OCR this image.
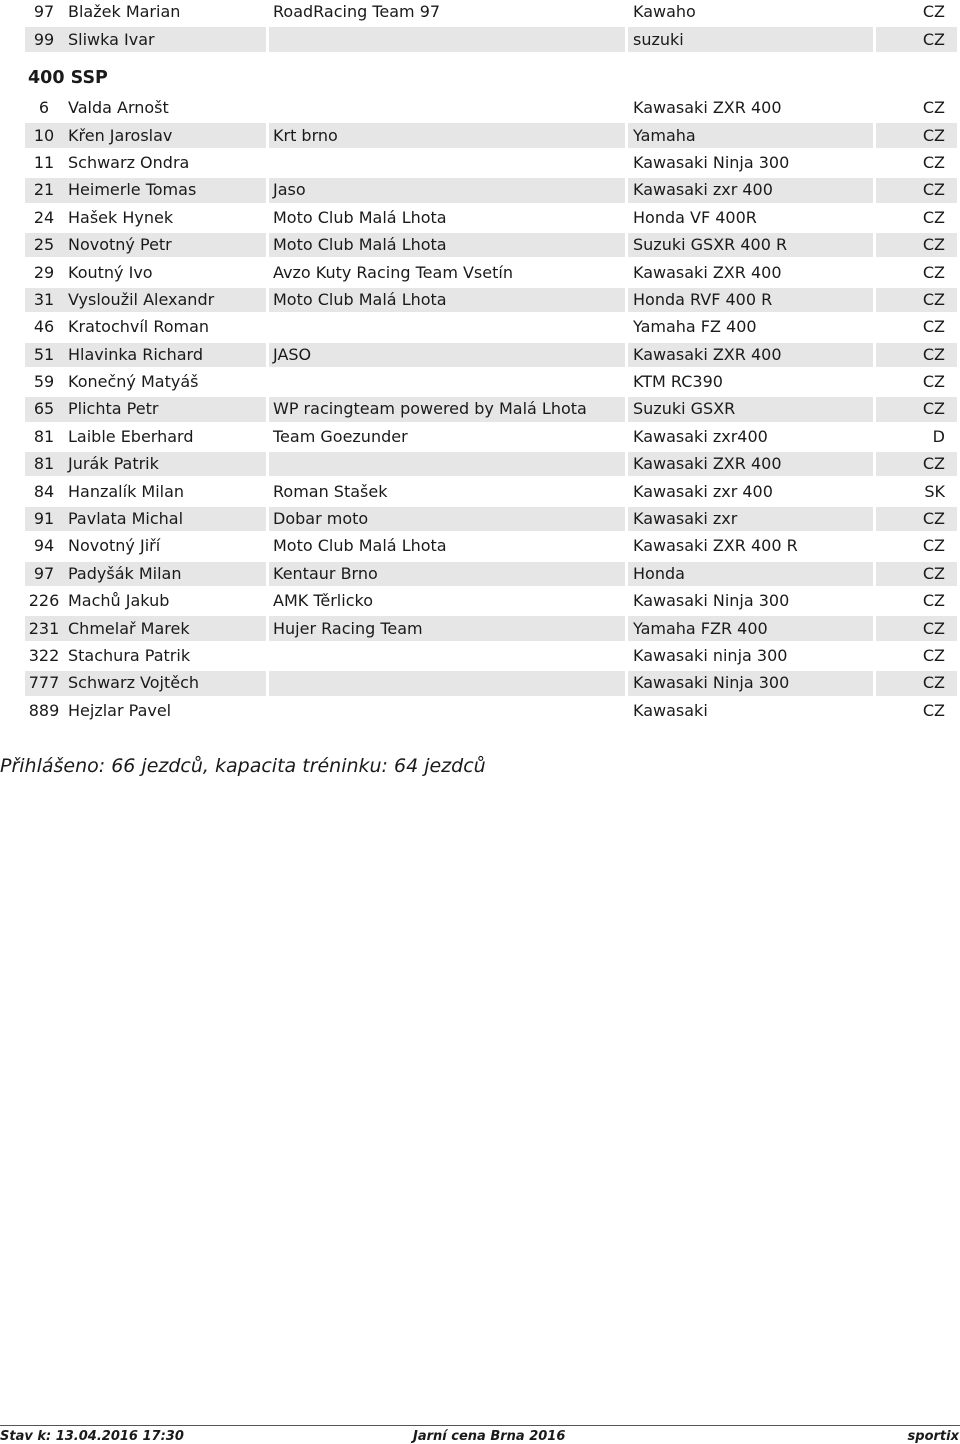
97	Blažek Marian	RoadRacing Team 97	Kawaho	CZ
99	Sliwka Ivar		suzuki	CZ
400 SSP
6	Valda Arnošt		Kawasaki ZXR 400	CZ
10	Křen Jaroslav	Krt brno	Yamaha	CZ
11	Schwarz Ondra		Kawasaki Ninja 300	CZ
21	Heimerle Tomas	Jaso	Kawasaki zxr 400	CZ
24	Hašek Hynek	Moto Club Malá Lhota	Honda VF 400R	CZ
25	Novotný Petr	Moto Club Malá Lhota	Suzuki GSXR 400 R	CZ
29	Koutný Ivo	Avzo Kuty Racing Team Vsetín	Kawasaki ZXR 400	CZ
31	Vysloužil Alexandr	Moto Club Malá Lhota	Honda RVF 400 R	CZ
46	Kratochvíl Roman		Yamaha FZ 400	CZ
51	Hlavinka Richard	JASO	Kawasaki ZXR 400	CZ
59	Konečný Matyáš		KTM RC390	CZ
65	Plichta Petr	WP racingteam powered by Malá Lhota	Suzuki GSXR	CZ
81	Laible Eberhard	Team Goezunder	Kawasaki zxr400	D
81	Jurák Patrik		Kawasaki ZXR 400	CZ
84	Hanzalík Milan	Roman Stašek	Kawasaki zxr 400	SK
91	Pavlata Michal	Dobar moto	Kawasaki zxr	CZ
94	Novotný Jiří	Moto Club Malá Lhota	Kawasaki ZXR 400 R	CZ
97	Padyšák Milan	Kentaur Brno	Honda	CZ
226	Machů Jakub	AMK Těrlicko	Kawasaki Ninja 300	CZ
231	Chmelař Marek	Hujer Racing Team	Yamaha FZR 400	CZ
322	Stachura Patrik		Kawasaki ninja 300	CZ
777	Schwarz Vojtěch		Kawasaki Ninja 300	CZ
889	Hejzlar Pavel		Kawasaki	CZ
Přihlášeno: 66 jezdců, kapacita tréninku: 64 jezdců
Stav k: 13.04.2016 17:30	Jarní cena Brna 2016	sportix
